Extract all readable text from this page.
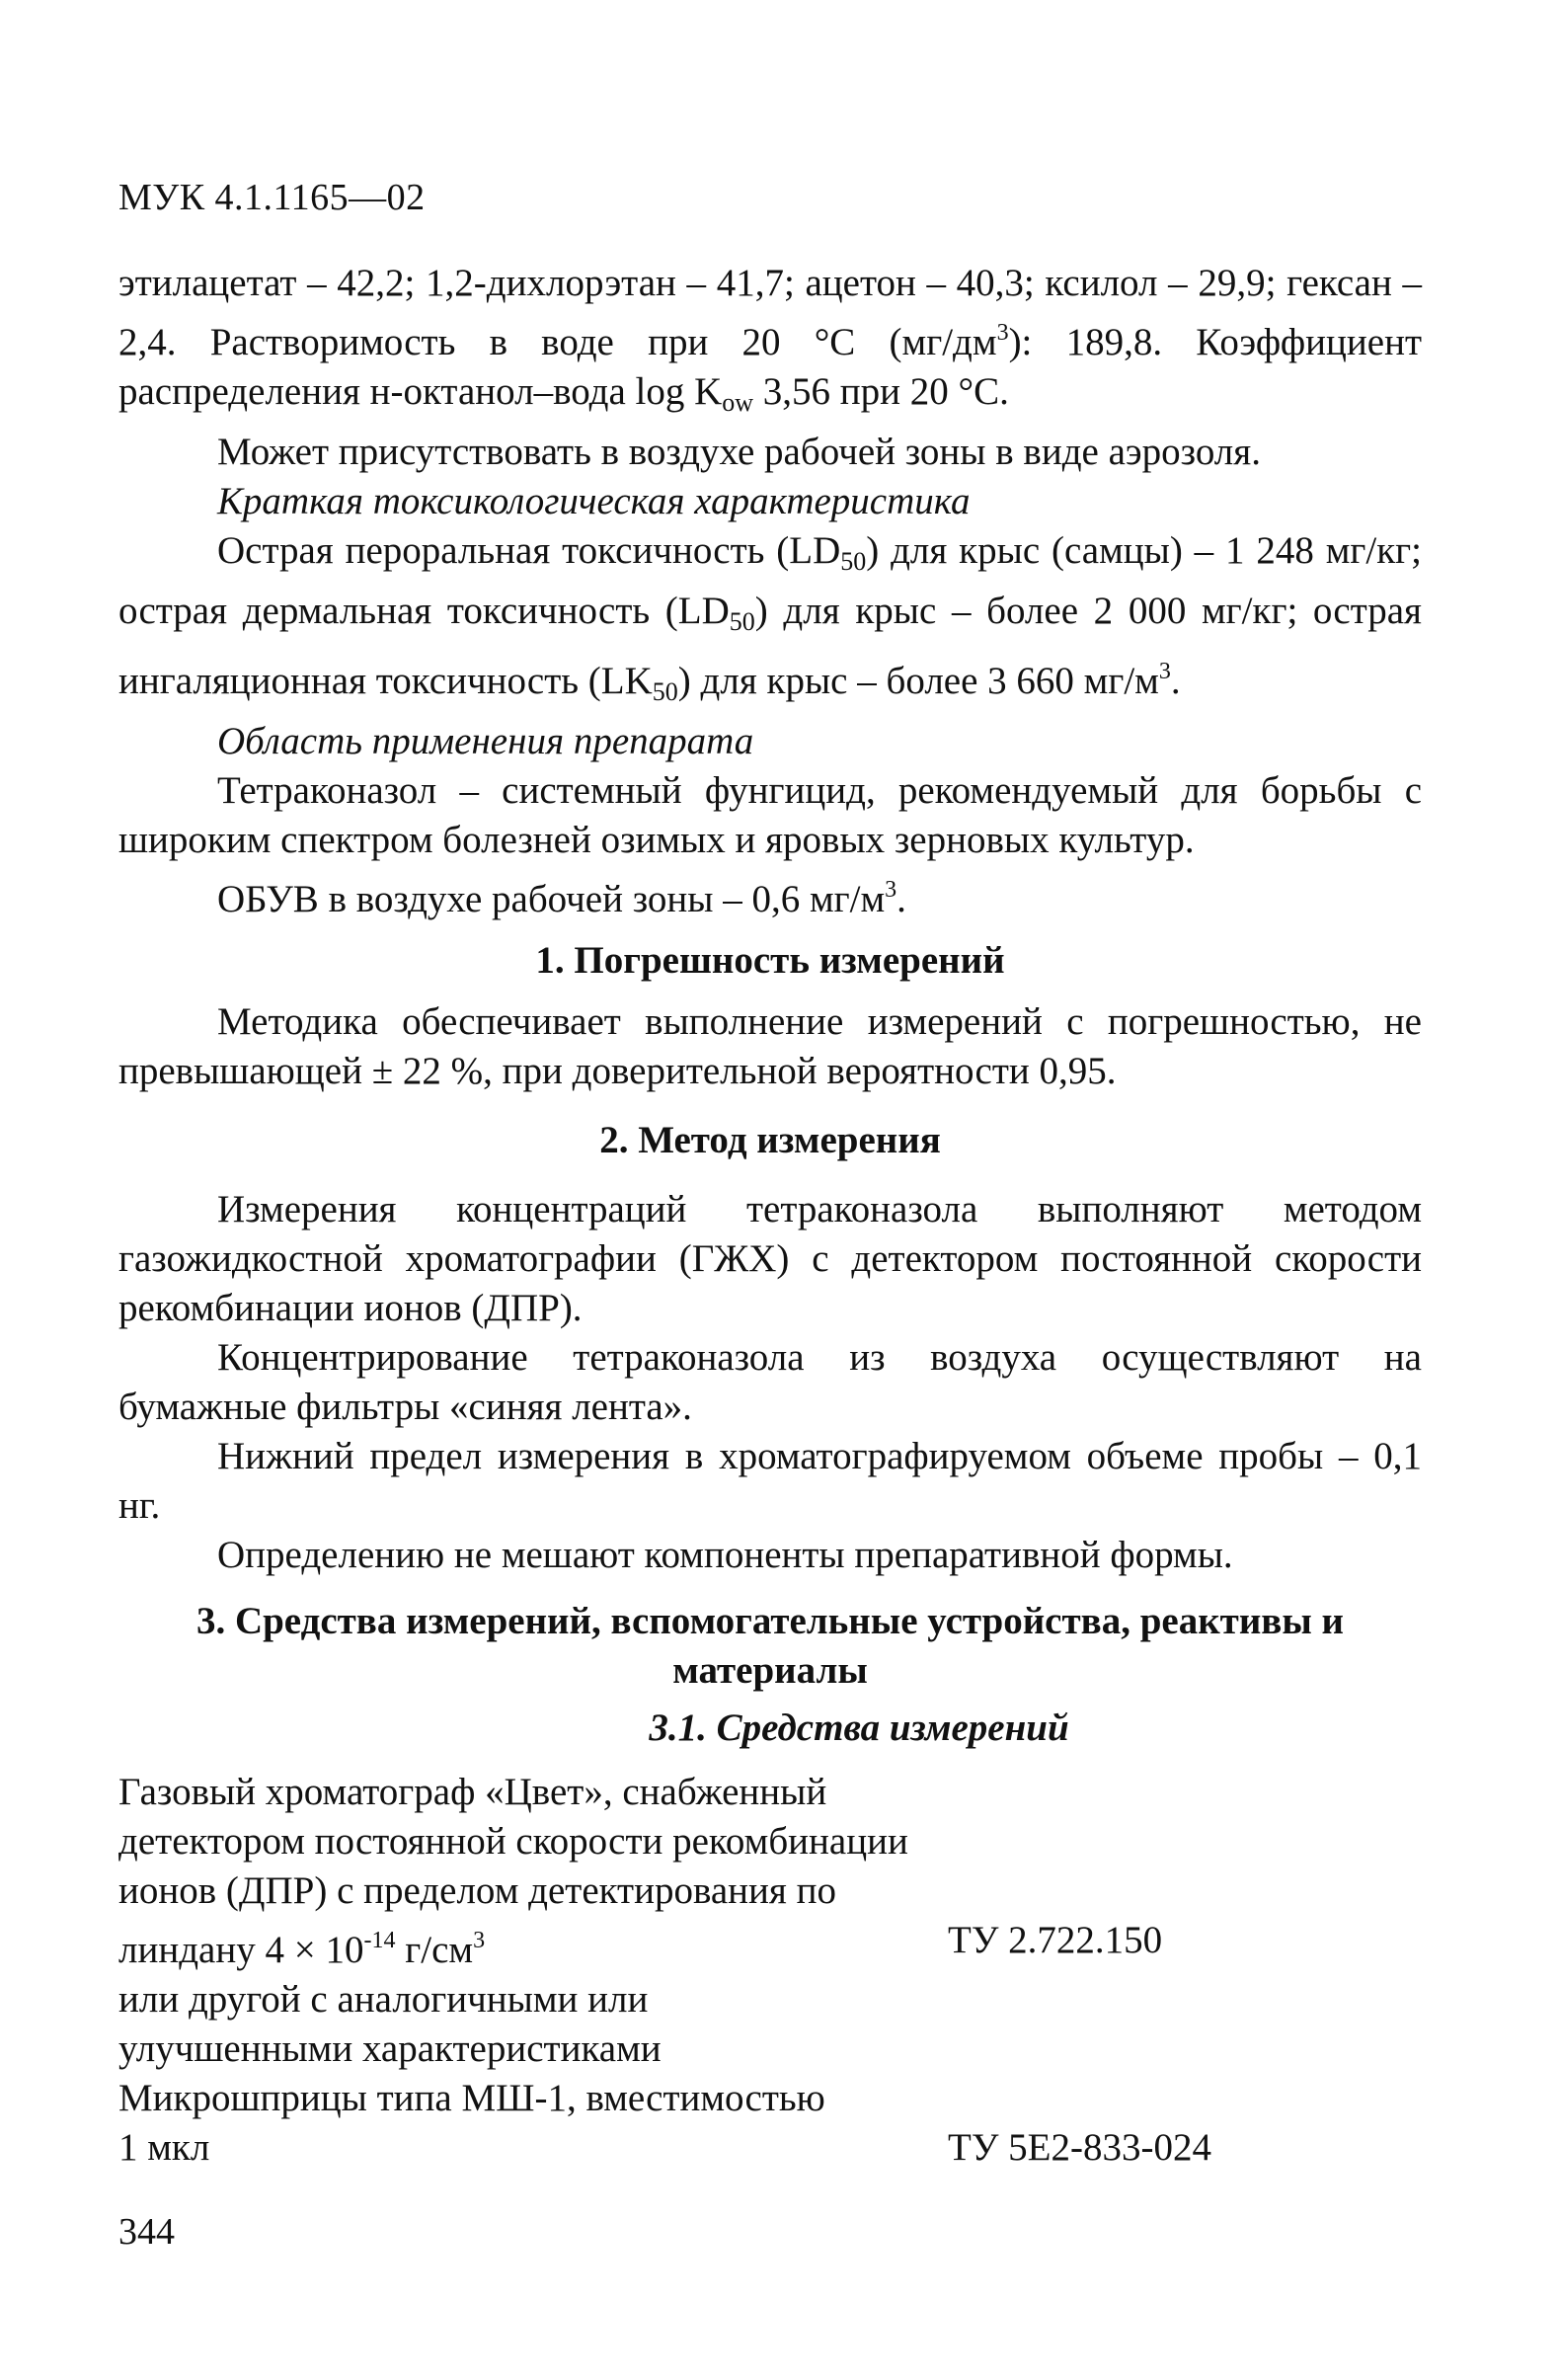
МУК 4.1.1165—02

этилацетат – 42,2; 1,2-дихлорэтан – 41,7; ацетон – 40,3; ксилол – 29,9; гексан – 2,4. Растворимость в воде при 20 °С $(мг/дм^3)$: 189,8. Коэффициент распределения н-октанол–вода $\log K_{ow}$ 3,56 при 20 °С.

Может присутствовать в воздухе рабочей зоны в виде аэрозоля.

Краткая токсикологическая характеристика

Острая пероральная токсичность $(LD_{50})$ для крыс (самцы) – 1 248 мг/кг; острая дермальная токсичность $(LD_{50})$ для крыс – более 2 000 мг/кг; острая ингаляционная токсичность $(LK_{50})$ для крыс – более 3 660 $мг/м^3$.

Область применения препарата

Тетраконазол – системный фунгицид, рекомендуемый для борьбы с широким спектром болезней озимых и яровых зерновых культур.

ОБУВ в воздухе рабочей зоны – 0,6 $мг/м^3$.

1. Погрешность измерений

Методика обеспечивает выполнение измерений с погрешностью, не превышающей ± 22 %, при доверительной вероятности 0,95.

2. Метод измерения

Измерения концентраций тетраконазола выполняют методом газожидкостной хроматографии (ГЖХ) с детектором постоянной скорости рекомбинации ионов (ДПР).

Концентрирование тетраконазола из воздуха осуществляют на бумажные фильтры «синяя лента».

Нижний предел измерения в хроматографируемом объеме пробы – 0,1 нг.

Определению не мешают компоненты препаративной формы.

3. Средства измерений, вспомогательные устройства, реактивы и
материалы
3.1. Средства измерений
Газовый хроматограф «Цвет», снабженный
детектором постоянной скорости рекомбинации
ионов (ДПР) с пределом детектирования по
линдану $4 \times 10^{-14}$ $г/см^3$
или другой с аналогичными или
улучшенными характеристиками
ТУ 2.722.150
Микрошприцы типа МШ-1, вместимостью
1 мкл	ТУ 5Е2-833-024
344
